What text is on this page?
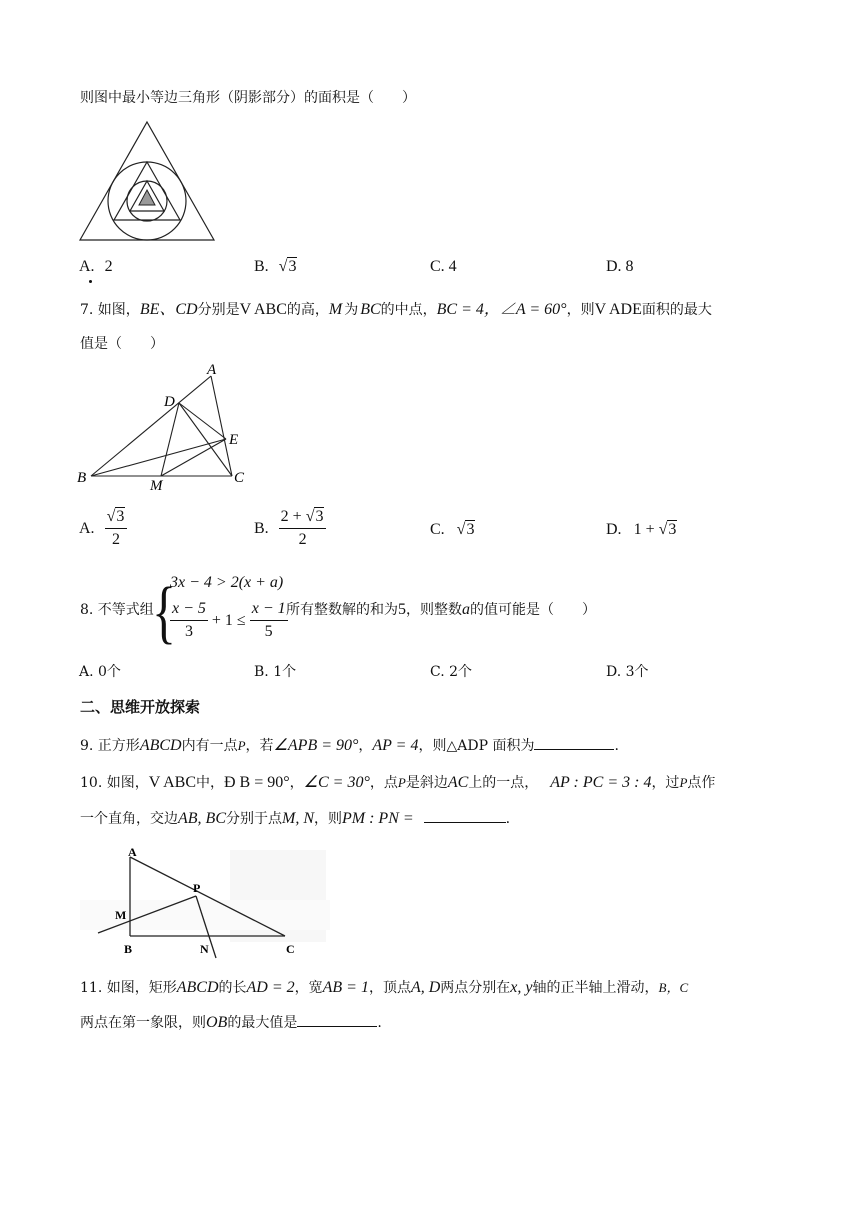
则图中最小等边三角形（阴影部分）的面积是（　　）
A. 2	B. √3	C. 4	D. 8
7. 如图，BE、CD分别是V ABC的高，M 为 BC的中点，BC = 4，∠A = 60°，则V ADE面积的最大
值是（　　）
A
D
E
B	M	C
A. $\frac{√3}{2}$	B. $\frac{2 + √3}{2}$	C. √3	D. 1 + √3
8. 不等式组
{
3x − 4 > 2(x + a)
$\frac{x - 5}{3} + 1 \le \frac{x - 1}{5}$
所有整数解的和为5，则整数a的值可能是（　　）
A. 0个	B. 1个	C. 2个	D. 3个
二、思维开放探索
9. 正方形ABCD内有一点P，若∠APB = 90°，AP = 4，则△ADP 面积为	.
10. 如图，V ABC中，Ð B = 90°，∠C = 30°，点P是斜边AC上的一点， AP : PC = 3 : 4，过P点作
一个直角，交边AB, BC分别于点M, N，则PM : PN =	.
A
P
M
B	N	C
11. 如图，矩形ABCD的长AD = 2，宽AB = 1，顶点A, D两点分别在x, y轴的正半轴上滑动，B，C
两点在第一象限，则OB的最大值是	.
